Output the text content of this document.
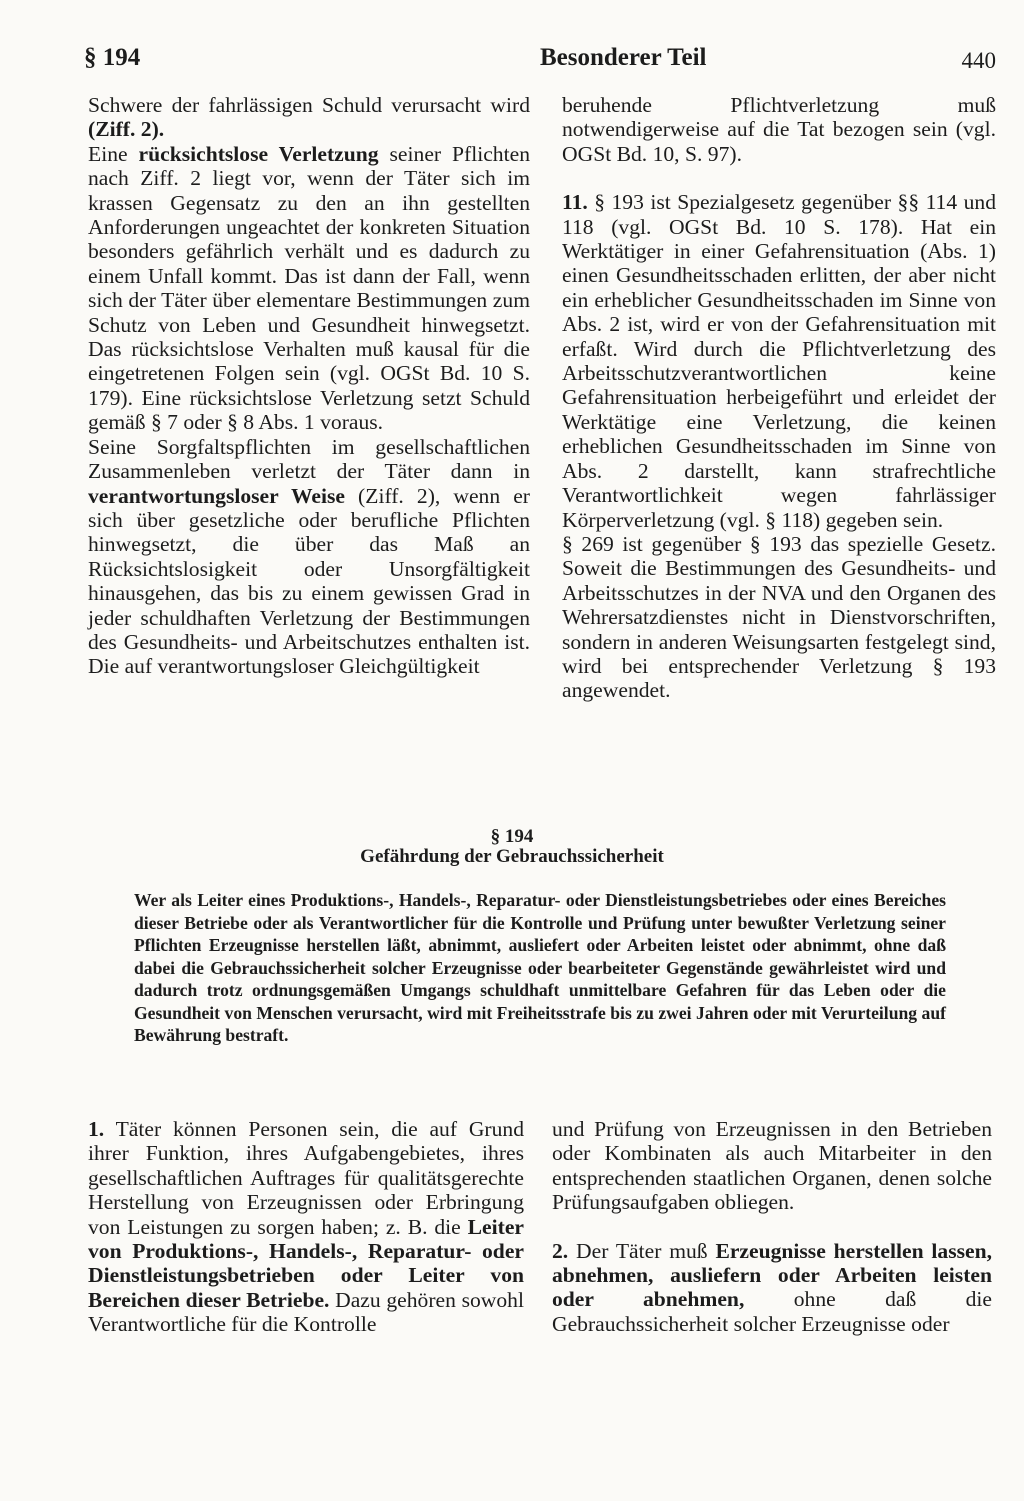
§ 194	Besonderer Teil	440

Schwere der fahrlässigen Schuld verursacht wird (Ziff. 2).

Eine rücksichtslose Verletzung seiner Pflichten nach Ziff. 2 liegt vor, wenn der Täter sich im krassen Gegensatz zu den an ihn gestellten Anforderungen ungeachtet der konkreten Situation besonders gefährlich verhält und es dadurch zu einem Unfall kommt. Das ist dann der Fall, wenn sich der Täter über elementare Bestimmungen zum Schutz von Leben und Gesundheit hinwegsetzt. Das rücksichtslose Verhalten muß kausal für die eingetretenen Folgen sein (vgl. OGSt Bd. 10 S. 179). Eine rücksichtslose Verletzung setzt Schuld gemäß § 7 oder § 8 Abs. 1 voraus.

Seine Sorgfaltspflichten im gesellschaftlichen Zusammenleben verletzt der Täter dann in verantwortungsloser Weise (Ziff. 2), wenn er sich über gesetzliche oder berufliche Pflichten hinwegsetzt, die über das Maß an Rücksichtslosigkeit oder Unsorgfältigkeit hinausgehen, das bis zu einem gewissen Grad in jeder schuldhaften Verletzung der Bestimmungen des Gesundheits- und Arbeitschutzes enthalten ist. Die auf verantwortungsloser Gleichgültigkeit

beruhende Pflichtverletzung muß notwendigerweise auf die Tat bezogen sein (vgl. OGSt Bd. 10, S. 97).

11. § 193 ist Spezialgesetz gegenüber §§ 114 und 118 (vgl. OGSt Bd. 10 S. 178). Hat ein Werktätiger in einer Gefahrensituation (Abs. 1) einen Gesundheitsschaden erlitten, der aber nicht ein erheblicher Gesundheitsschaden im Sinne von Abs. 2 ist, wird er von der Gefahrensituation mit erfaßt. Wird durch die Pflichtverletzung des Arbeitsschutzverantwortlichen keine Gefahrensituation herbeigeführt und erleidet der Werktätige eine Verletzung, die keinen erheblichen Gesundheitsschaden im Sinne von Abs. 2 darstellt, kann strafrechtliche Verantwortlichkeit wegen fahrlässiger Körperverletzung (vgl. § 118) gegeben sein.

§ 269 ist gegenüber § 193 das spezielle Gesetz. Soweit die Bestimmungen des Gesundheits- und Arbeitsschutzes in der NVA und den Organen des Wehrersatzdienstes nicht in Dienstvorschriften, sondern in anderen Weisungsarten festgelegt sind, wird bei entsprechender Verletzung § 193 angewendet.

§ 194
Gefährdung der Gebrauchssicherheit
Wer als Leiter eines Produktions-, Handels-, Reparatur- oder Dienstleistungsbetriebes oder eines Bereiches dieser Betriebe oder als Verantwortlicher für die Kontrolle und Prüfung unter bewußter Verletzung seiner Pflichten Erzeugnisse herstellen läßt, abnimmt, ausliefert oder Arbeiten leistet oder abnimmt, ohne daß dabei die Gebrauchssicherheit solcher Erzeugnisse oder bearbeiteter Gegenstände gewährleistet wird und dadurch trotz ordnungsgemäßen Umgangs schuldhaft unmittelbare Gefahren für das Leben oder die Gesundheit von Menschen verursacht, wird mit Freiheitsstrafe bis zu zwei Jahren oder mit Verurteilung auf Bewährung bestraft.

1. Täter können Personen sein, die auf Grund ihrer Funktion, ihres Aufgabengebietes, ihres gesellschaftlichen Auftrages für qualitätsgerechte Herstellung von Erzeugnissen oder Erbringung von Leistungen zu sorgen haben; z. B. die Leiter von Produktions-, Handels-, Reparatur- oder Dienstleistungsbetrieben oder Leiter von Bereichen dieser Betriebe. Dazu gehören sowohl Verantwortliche für die Kontrolle

und Prüfung von Erzeugnissen in den Betrieben oder Kombinaten als auch Mitarbeiter in den entsprechenden staatlichen Organen, denen solche Prüfungsaufgaben obliegen.

2. Der Täter muß Erzeugnisse herstellen lassen, abnehmen, ausliefern oder Arbeiten leisten oder abnehmen, ohne daß die Gebrauchssicherheit solcher Erzeugnisse oder
